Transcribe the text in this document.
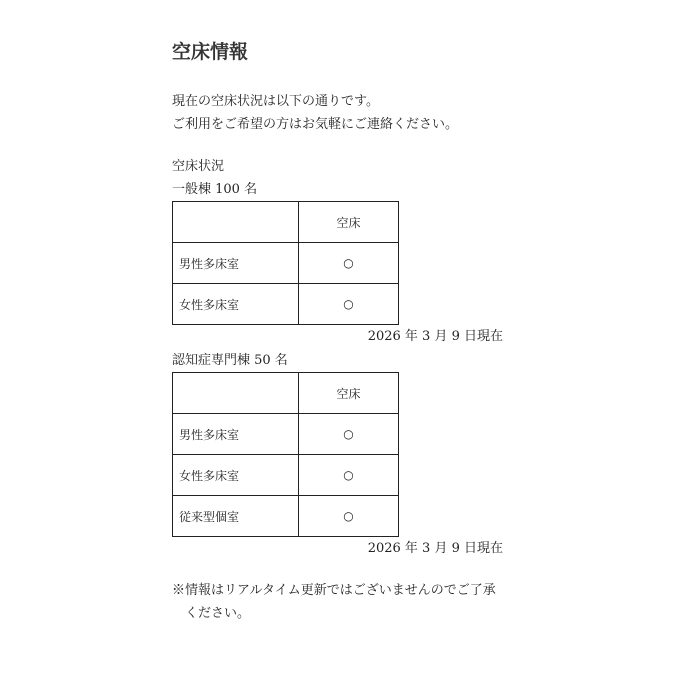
空床情報
現在の空床状況は以下の通りです。
ご利用をご希望の方はお気軽にご連絡ください。
空床状況
一般棟 100 名
	空床
男性多床室	○
女性多床室	○
2026 年 3 月 9 日現在
認知症専門棟 50 名
	空床
男性多床室	○
女性多床室	○
従来型個室	○
2026 年 3 月 9 日現在
※情報はリアルタイム更新ではございませんのでご了承
ください。
